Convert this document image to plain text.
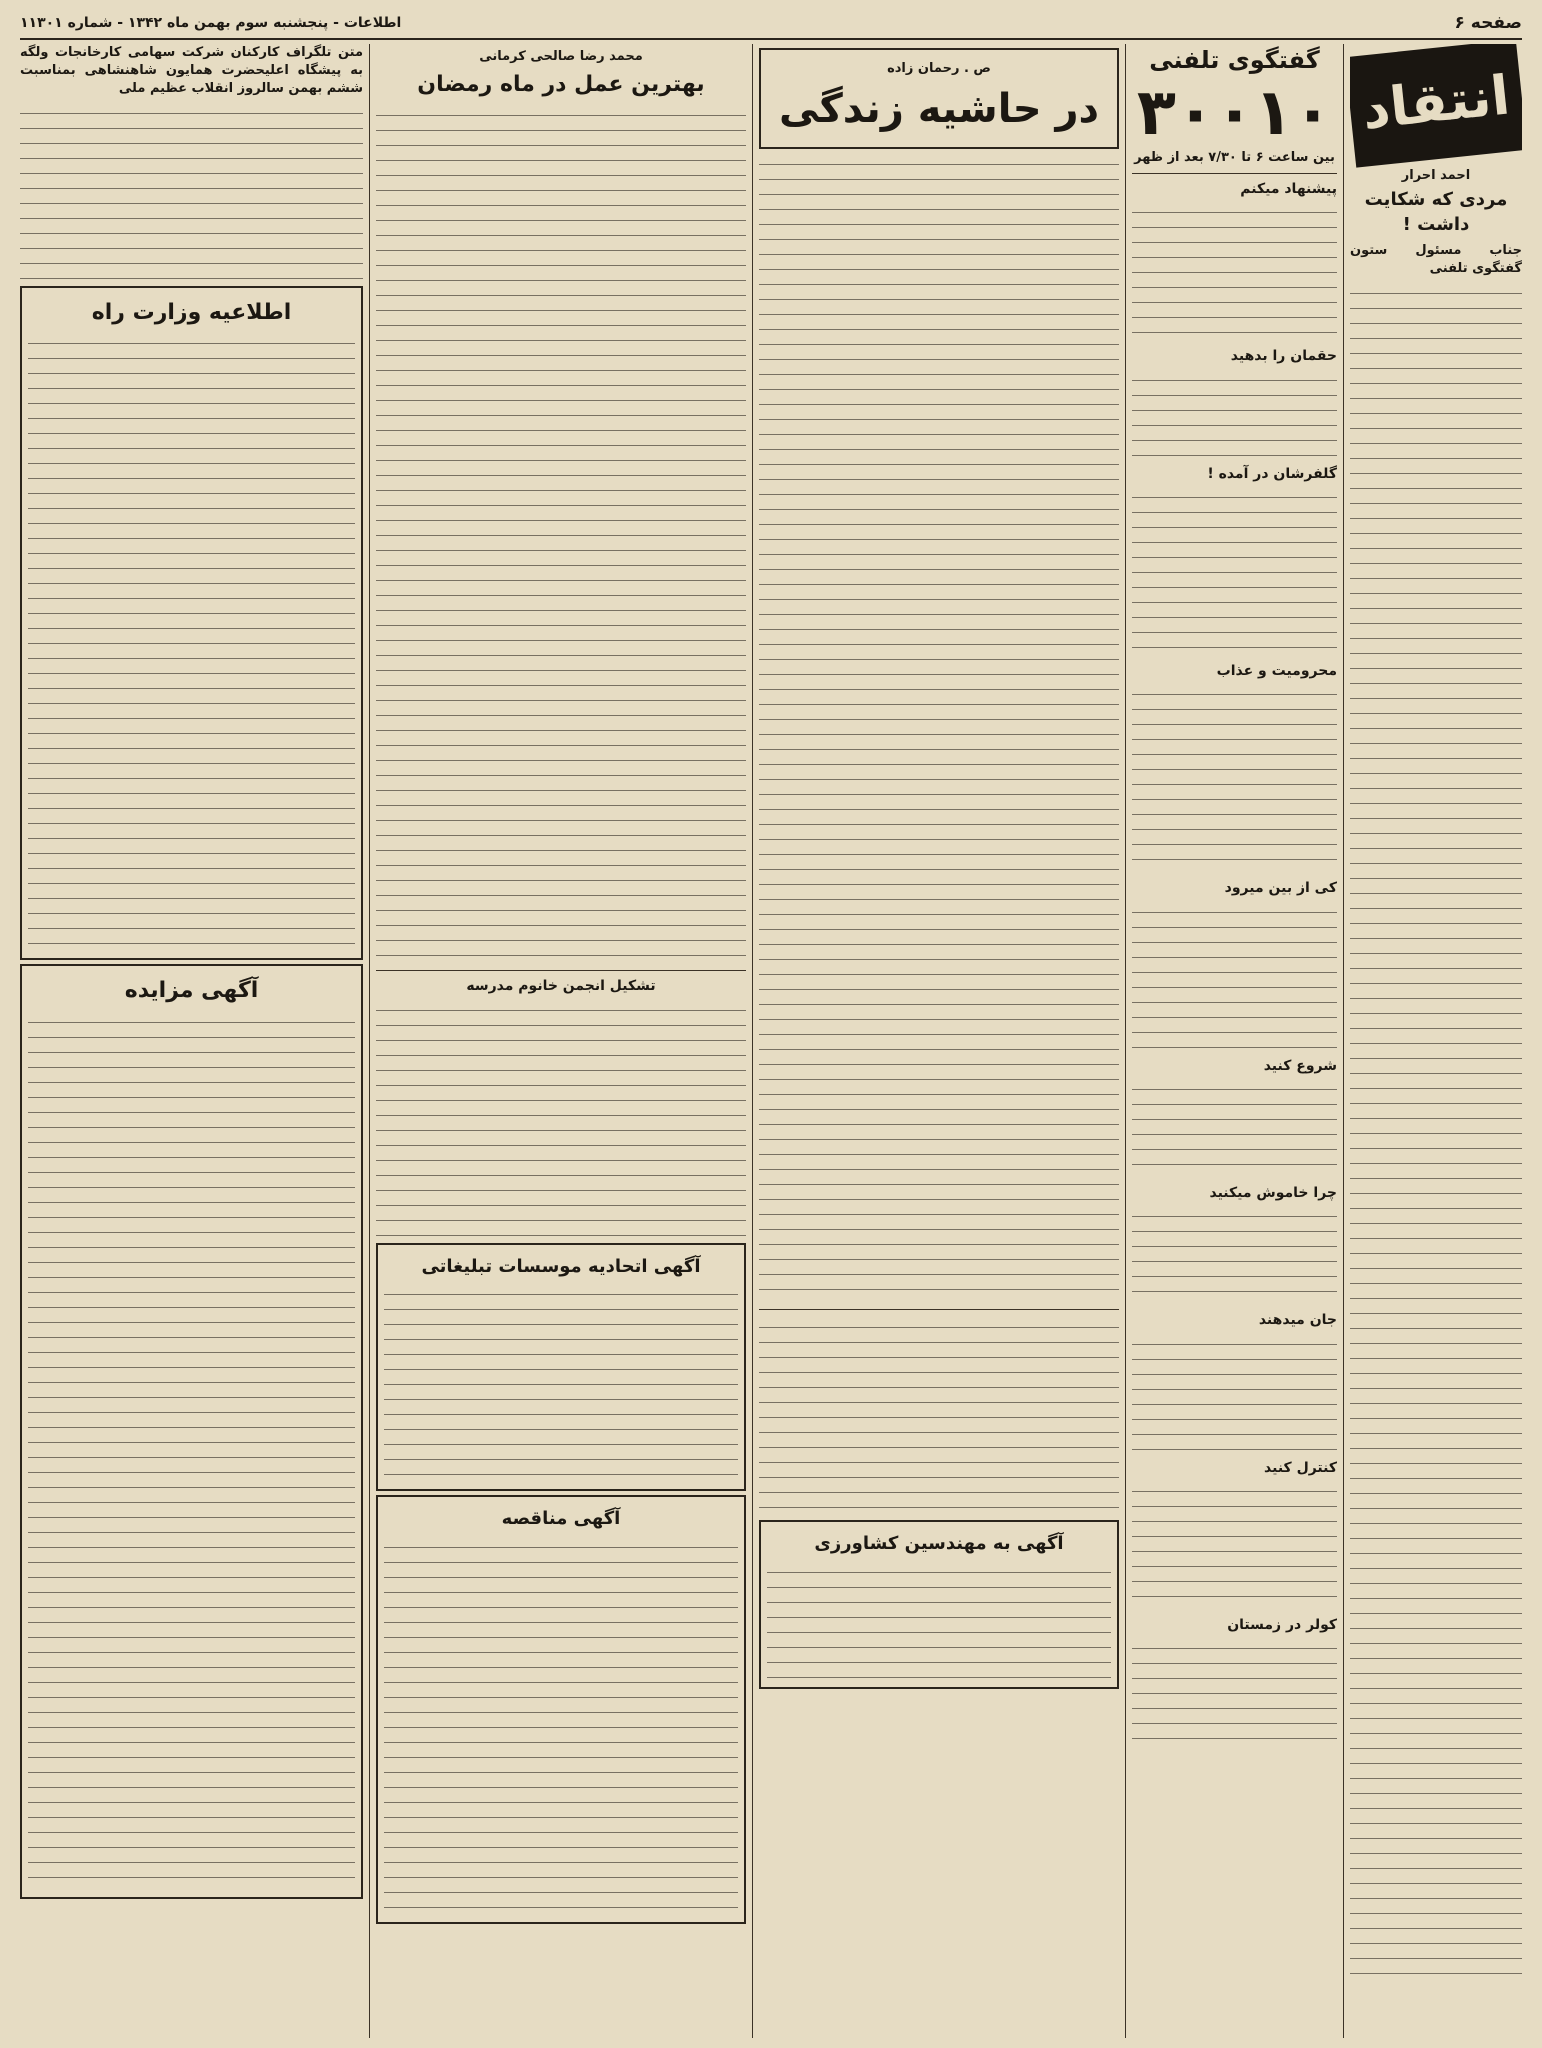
صفحه ۶
اطلاعات - پنجشنبه سوم بهمن ماه ۱۳۴۲ - شماره ۱۱۳۰۱
انتقاد
احمد احرار
مردی که شکایت داشت !

جناب مسئول ستون گفتگوی تلفنی

گفتگوی تلفنی
۳۰۰۱۰
بین ساعت ۶ تا ۷/۳۰ بعد از ظهر
پیشنهاد میکنم
حقمان را بدهید
گلفرشان در آمده !
محرومیت و عذاب
کی از بین میرود
شروع کنید
چرا خاموش میکنید
جان میدهند
کنترل کنید
کولر در زمستان
ص . رحمان زاده
در حاشیه زندگی
آگهی به مهندسین کشاورزی
محمد رضا صالحی کرمانی
بهترین عمل در ماه رمضان
تشکیل انجمن خانوم مدرسه
آگهی اتحادیه موسسات تبلیغاتی
آگهی مناقصه

متن تلگراف کارکنان شرکت سهامی کارخانجات ولگه به پیشگاه اعلیحضرت همایون شاهنشاهی بمناسبت ششم بهمن سالروز انقلاب عظیم ملی

اطلاعیه وزارت راه
آگهی مزایده
